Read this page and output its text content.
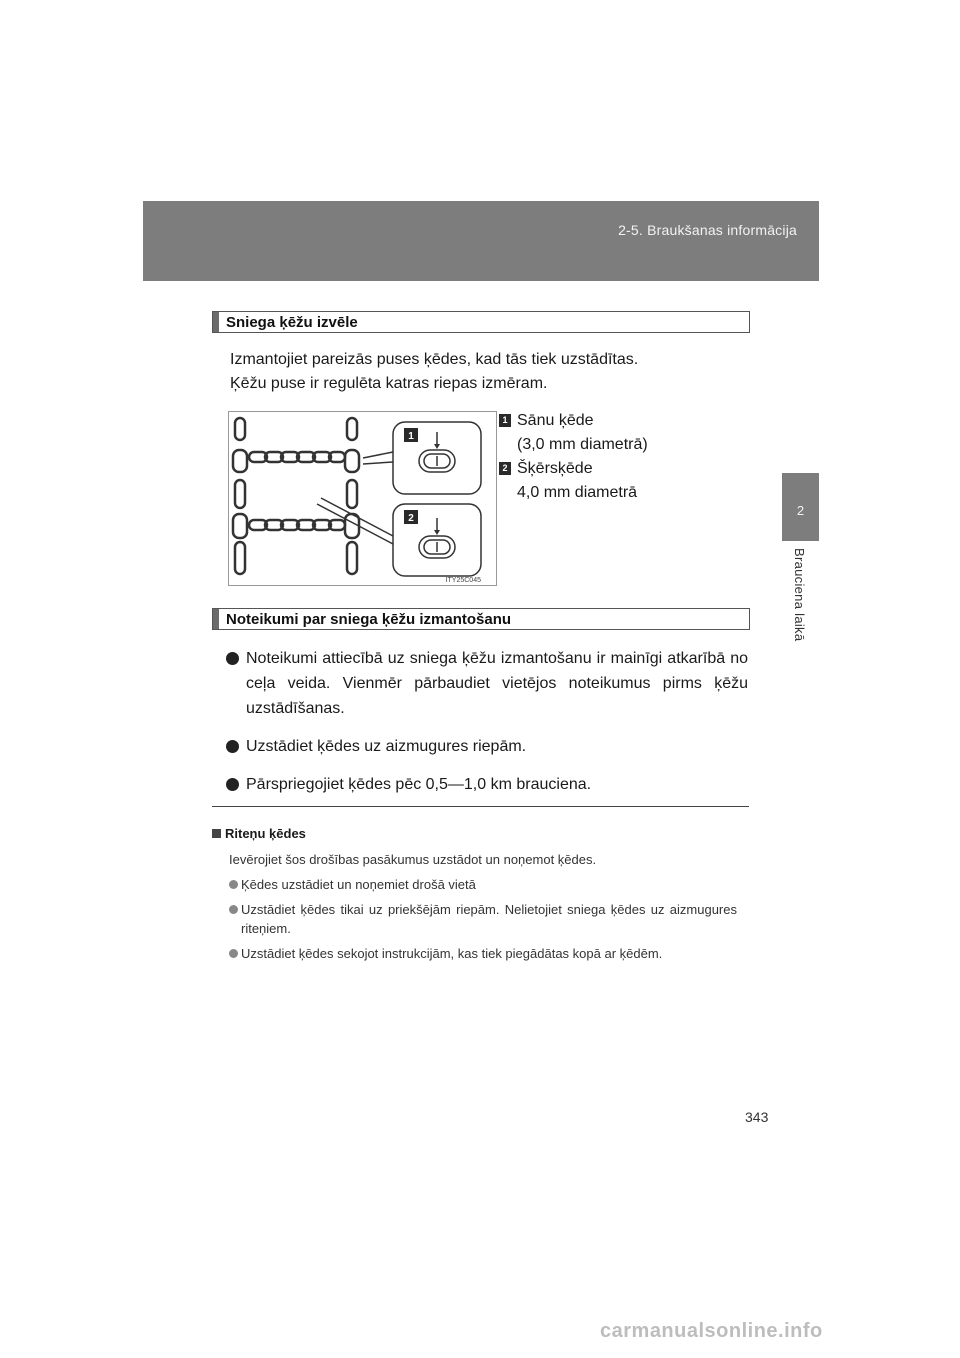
2-5. Braukšanas informācija
2
Brauciena laikā
Sniega ķēžu izvēle
Izmantojiet pareizās puses ķēdes, kad tās tiek uzstādītas.
Ķēžu puse ir regulēta katras riepas izmēram.
1
2
ITY25C045
1 Sānu ķēde
(3,0 mm diametrā)
2 Šķērsķēde
4,0 mm diametrā
Noteikumi par sniega ķēžu izmantošanu
Noteikumi attiecībā uz sniega ķēžu izmantošanu ir mainīgi atkarībā no ceļa veida. Vienmēr pārbaudiet vietējos noteikumus pirms ķēžu uzstādīšanas.
Uzstādiet ķēdes uz aizmugures riepām.
Pārspriegojiet ķēdes pēc 0,5—1,0 km brauciena.
Riteņu ķēdes
Ievērojiet šos drošības pasākumus uzstādot un noņemot ķēdes.
Ķēdes uzstādiet un noņemiet drošā vietā
Uzstādiet ķēdes tikai uz priekšējām riepām. Nelietojiet sniega ķēdes uz aizmugures riteņiem.
Uzstādiet ķēdes sekojot instrukcijām, kas tiek piegādātas kopā ar ķēdēm.
343
carmanualsonline.info
